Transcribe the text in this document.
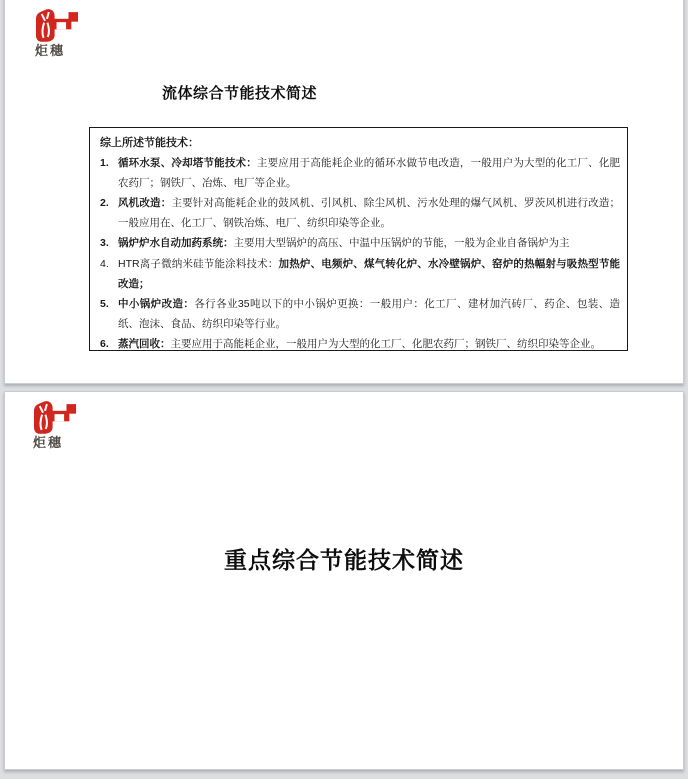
炬穗
流体综合节能技术简述
综上所述节能技术：
1. 循环水泵、冷却塔节能技术：主要应用于高能耗企业的循环水做节电改造，一般用户为大型的化工厂、化肥农药厂；钢铁厂、冶炼、电厂等企业。
2. 风机改造：主要针对高能耗企业的鼓风机、引风机、除尘风机、污水处理的爆气风机、罗茨风机进行改造；一般应用在、化工厂、钢铁冶炼、电厂、纺织印染等企业。
3. 锅炉炉水自动加药系统：主要用大型锅炉的高压、中温中压锅炉的节能，一般为企业自备锅炉为主
4. HTR离子微纳米硅节能涂料技术：加热炉、电频炉、煤气转化炉、水冷壁锅炉、窑炉的热幅射与吸热型节能改造；
5. 中小锅炉改造：各行各业35吨以下的中小锅炉更换：一般用户：化工厂、建材加汽砖厂、药企、包装、造纸、泡沫、食品、纺织印染等行业。
6. 蒸汽回收：主要应用于高能耗企业，一般用户为大型的化工厂、化肥农药厂；钢铁厂、纺织印染等企业。
炬穗
重点综合节能技术简述
